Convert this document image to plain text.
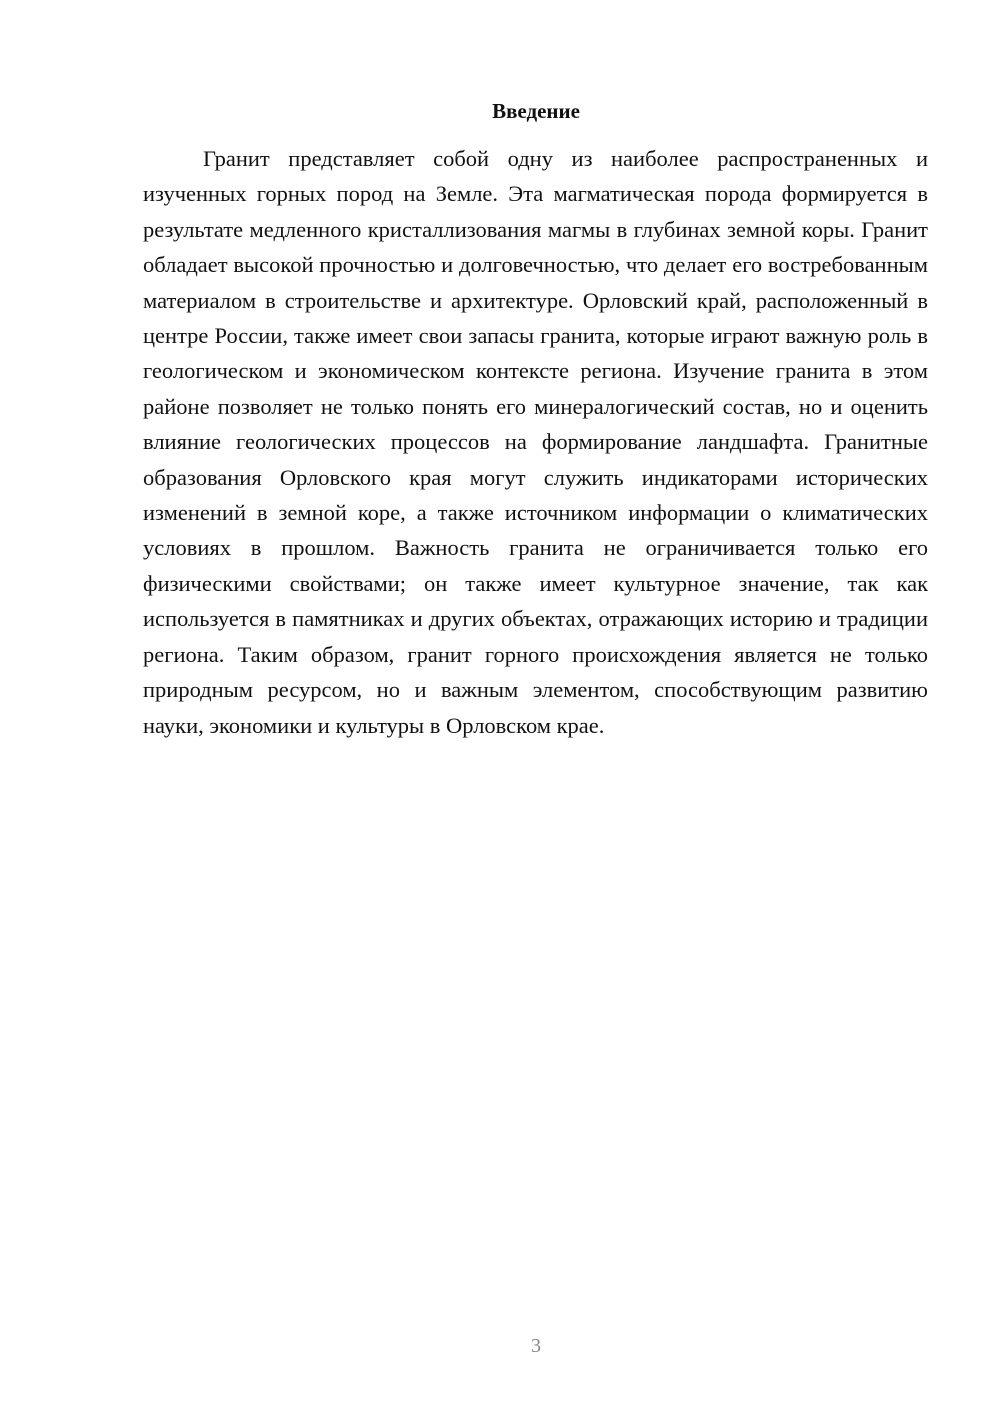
Введение

Гранит представляет собой одну из наиболее распространенных и изученных горных пород на Земле. Эта магматическая порода формируется в результате медленного кристаллизования магмы в глубинах земной коры. Гранит обладает высокой прочностью и долговечностью, что делает его востребованным материалом в строительстве и архитектуре. Орловский край, расположенный в центре России, также имеет свои запасы гранита, которые играют важную роль в геологическом и экономическом контексте региона. Изучение гранита в этом районе позволяет не только понять его минералогический состав, но и оценить влияние геологических процессов на формирование ландшафта. Гранитные образования Орловского края могут служить индикаторами исторических изменений в земной коре, а также источником информации о климатических условиях в прошлом. Важность гранита не ограничивается только его физическими свойствами; он также имеет культурное значение, так как используется в памятниках и других объектах, отражающих историю и традиции региона. Таким образом, гранит горного происхождения является не только природным ресурсом, но и важным элементом, способствующим развитию науки, экономики и культуры в Орловском крае.

3
